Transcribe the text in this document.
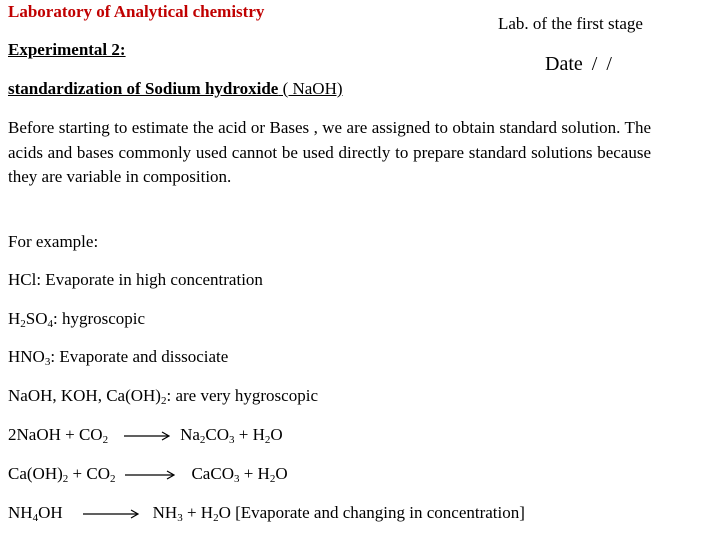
Laboratory of Analytical chemistry
Lab. of the first stage
Experimental 2:
Date / /
standardization of Sodium hydroxide ( NaOH)
Before starting to estimate the acid or Bases , we are assigned to obtain standard solution. The acids and bases commonly used cannot be used directly to prepare standard solutions because they are variable in composition.
For example:
HCl: Evaporate in high concentration
$H_2SO_4$: hygroscopic
$HNO_3$: Evaporate and dissociate
NaOH, KOH, $Ca(OH)_2$: are very hygroscopic
2NaOH + $CO_2 \to Na_2CO_3 + H_2O$
$Ca(OH)_2 + CO_2$ → CaCO$_3$ + $H_2O$
$NH_4OH \to NH_3 + H_2O$ [Evaporate and changing in concentration]
